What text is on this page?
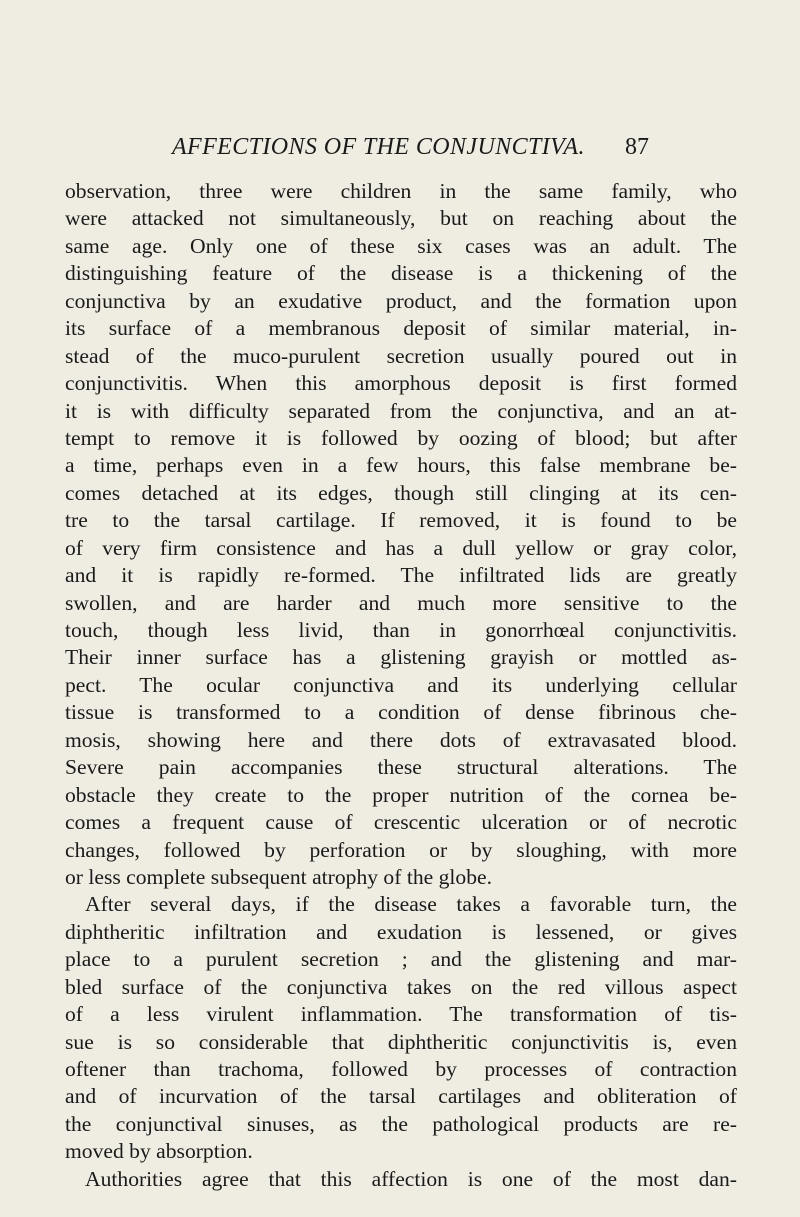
AFFECTIONS OF THE CONJUNCTIVA. 87
observation, three were children in the same family, who
were attacked not simultaneously, but on reaching about the
same age. Only one of these six cases was an adult. The
distinguishing feature of the disease is a thickening of the
conjunctiva by an exudative product, and the formation upon
its surface of a membranous deposit of similar material, in-
stead of the muco-purulent secretion usually poured out in
conjunctivitis. When this amorphous deposit is first formed
it is with difficulty separated from the conjunctiva, and an at-
tempt to remove it is followed by oozing of blood; but after
a time, perhaps even in a few hours, this false membrane be-
comes detached at its edges, though still clinging at its cen-
tre to the tarsal cartilage. If removed, it is found to be
of very firm consistence and has a dull yellow or gray color,
and it is rapidly re-formed. The infiltrated lids are greatly
swollen, and are harder and much more sensitive to the
touch, though less livid, than in gonorrhœal conjunctivitis.
Their inner surface has a glistening grayish or mottled as-
pect. The ocular conjunctiva and its underlying cellular
tissue is transformed to a condition of dense fibrinous che-
mosis, showing here and there dots of extravasated blood.
Severe pain accompanies these structural alterations. The
obstacle they create to the proper nutrition of the cornea be-
comes a frequent cause of crescentic ulceration or of necrotic
changes, followed by perforation or by sloughing, with more
or less complete subsequent atrophy of the globe.
After several days, if the disease takes a favorable turn, the
diphtheritic infiltration and exudation is lessened, or gives
place to a purulent secretion ; and the glistening and mar-
bled surface of the conjunctiva takes on the red villous aspect
of a less virulent inflammation. The transformation of tis-
sue is so considerable that diphtheritic conjunctivitis is, even
oftener than trachoma, followed by processes of contraction
and of incurvation of the tarsal cartilages and obliteration of
the conjunctival sinuses, as the pathological products are re-
moved by absorption.
Authorities agree that this affection is one of the most dan-
